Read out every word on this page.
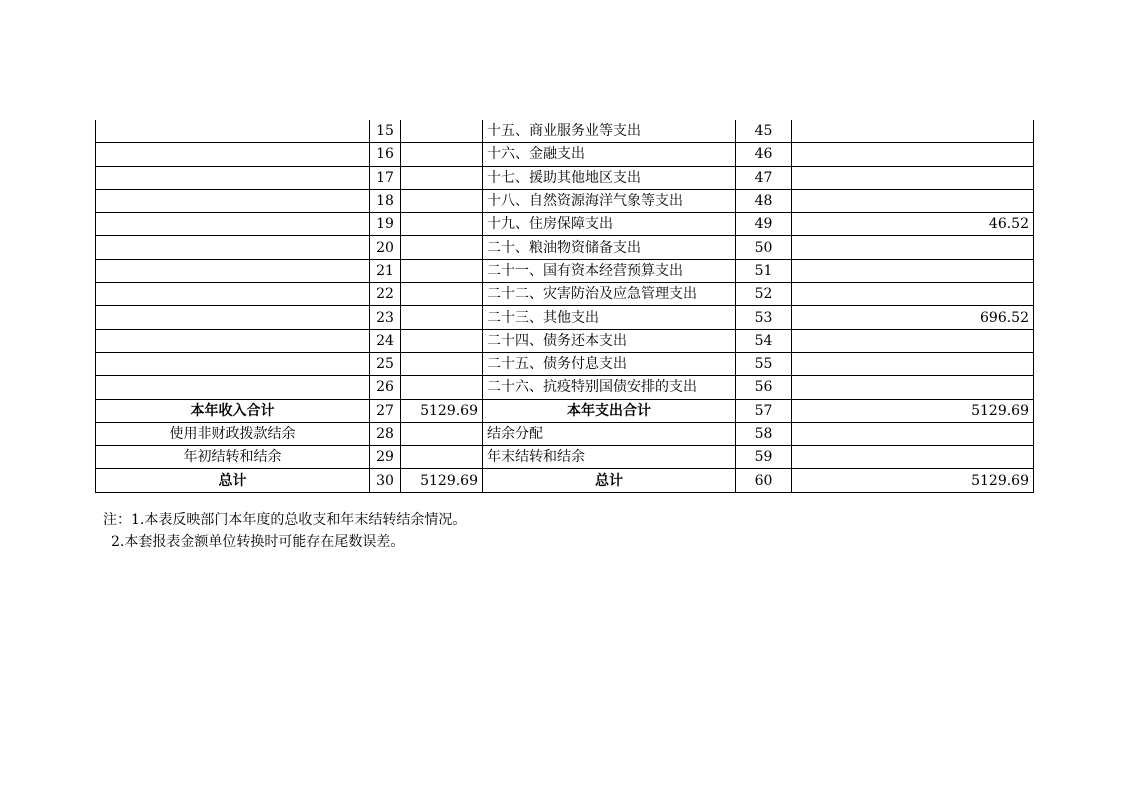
	15		十五、商业服务业等支出	45	
	16		十六、金融支出	46	
	17		十七、援助其他地区支出	47	
	18		十八、自然资源海洋气象等支出	48	
	19		十九、住房保障支出	49	46.52
	20		二十、粮油物资储备支出	50	
	21		二十一、国有资本经营预算支出	51	
	22		二十二、灾害防治及应急管理支出	52	
	23		二十三、其他支出	53	696.52
	24		二十四、债务还本支出	54	
	25		二十五、债务付息支出	55	
	26		二十六、抗疫特别国债安排的支出	56	
本年收入合计	27	5129.69	本年支出合计	57	5129.69
使用非财政拨款结余	28		结余分配	58	
年初结转和结余	29		年末结转和结余	59	
总计	30	5129.69	总计	60	5129.69
注：1.本表反映部门本年度的总收支和年末结转结余情况。
2.本套报表金额单位转换时可能存在尾数误差。
